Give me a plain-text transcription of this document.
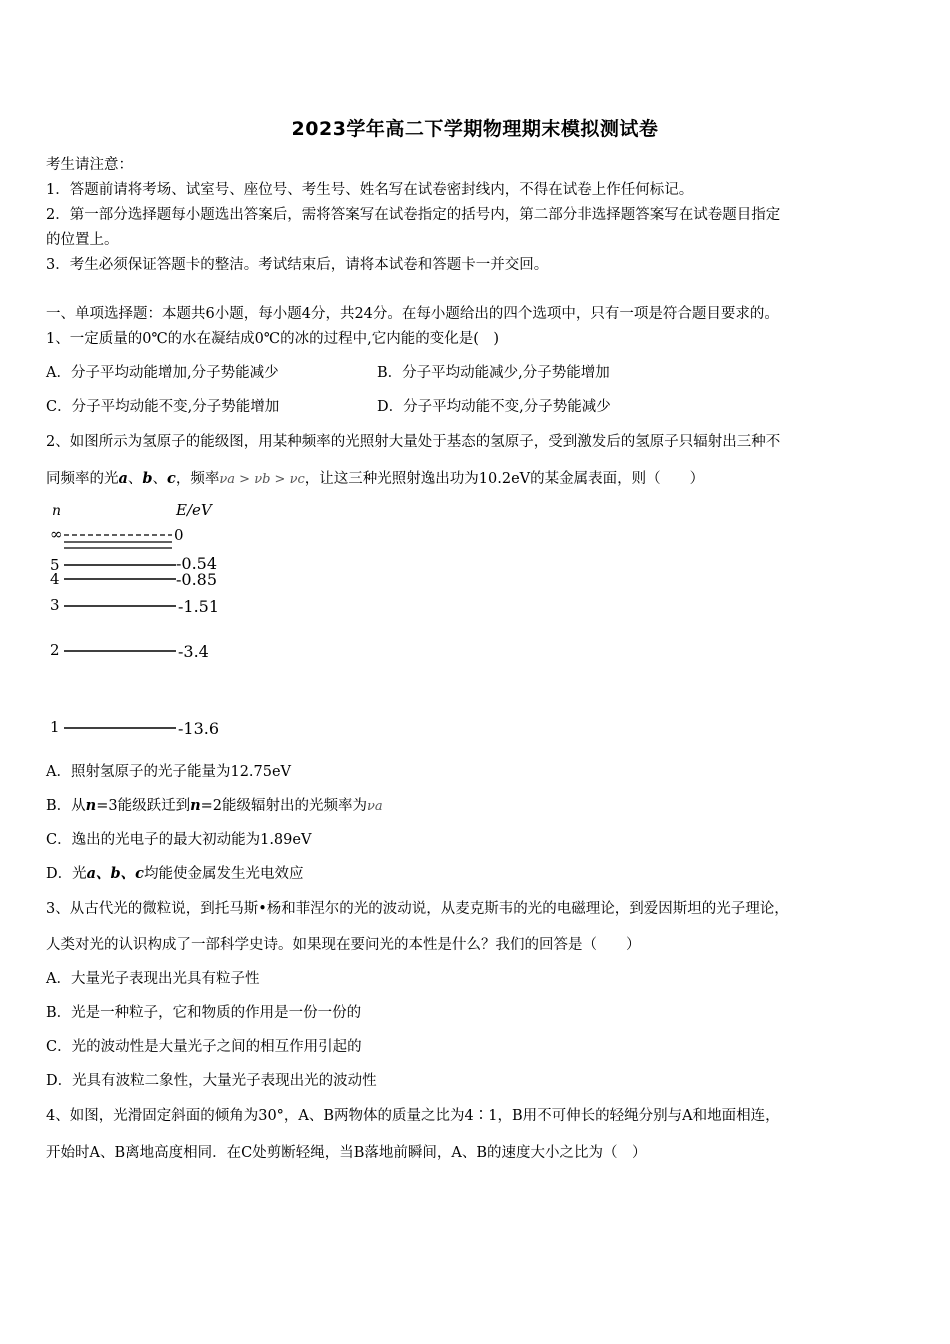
2023学年高二下学期物理期末模拟测试卷
考生请注意：
1．答题前请将考场、试室号、座位号、考生号、姓名写在试卷密封线内，不得在试卷上作任何标记。
2．第一部分选择题每小题选出答案后，需将答案写在试卷指定的括号内，第二部分非选择题答案写在试卷题目指定
的位置上。
3．考生必须保证答题卡的整洁。考试结束后，请将本试卷和答题卡一并交回。
一、单项选择题：本题共6小题，每小题4分，共24分。在每小题给出的四个选项中，只有一项是符合题目要求的。
1、一定质量的0℃的水在凝结成0℃的冰的过程中,它内能的变化是(　)
A．分子平均动能增加,分子势能减少	B．分子平均动能减少,分子势能增加
C．分子平均动能不变,分子势能增加	D．分子平均动能不变,分子势能减少
2、如图所示为氢原子的能级图，用某种频率的光照射大量处于基态的氢原子，受到激发后的氢原子只辐射出三种不
同频率的光a、b、c，频率νa > νb > νc，让这三种光照射逸出功为10.2eV的某金属表面，则（　　）
n	E/eV
∞	0
5	-0.54
4	-0.85
3	-1.51
2	-3.4
1	-13.6
A．照射氢原子的光子能量为12.75eV
B．从n=3能级跃迁到n=2能级辐射出的光频率为νa
C．逸出的光电子的最大初动能为1.89eV
D．光a、b、c均能使金属发生光电效应
3、从古代光的微粒说，到托马斯•杨和菲涅尔的光的波动说，从麦克斯韦的光的电磁理论，到爱因斯坦的光子理论，
人类对光的认识构成了一部科学史诗。如果现在要问光的本性是什么？我们的回答是（　　）
A．大量光子表现出光具有粒子性
B．光是一种粒子，它和物质的作用是一份一份的
C．光的波动性是大量光子之间的相互作用引起的
D．光具有波粒二象性，大量光子表现出光的波动性
4、如图，光滑固定斜面的倾角为30°，A、B两物体的质量之比为4∶1，B用不可伸长的轻绳分别与A和地面相连，
开始时A、B离地高度相同．在C处剪断轻绳，当B落地前瞬间，A、B的速度大小之比为（　）
